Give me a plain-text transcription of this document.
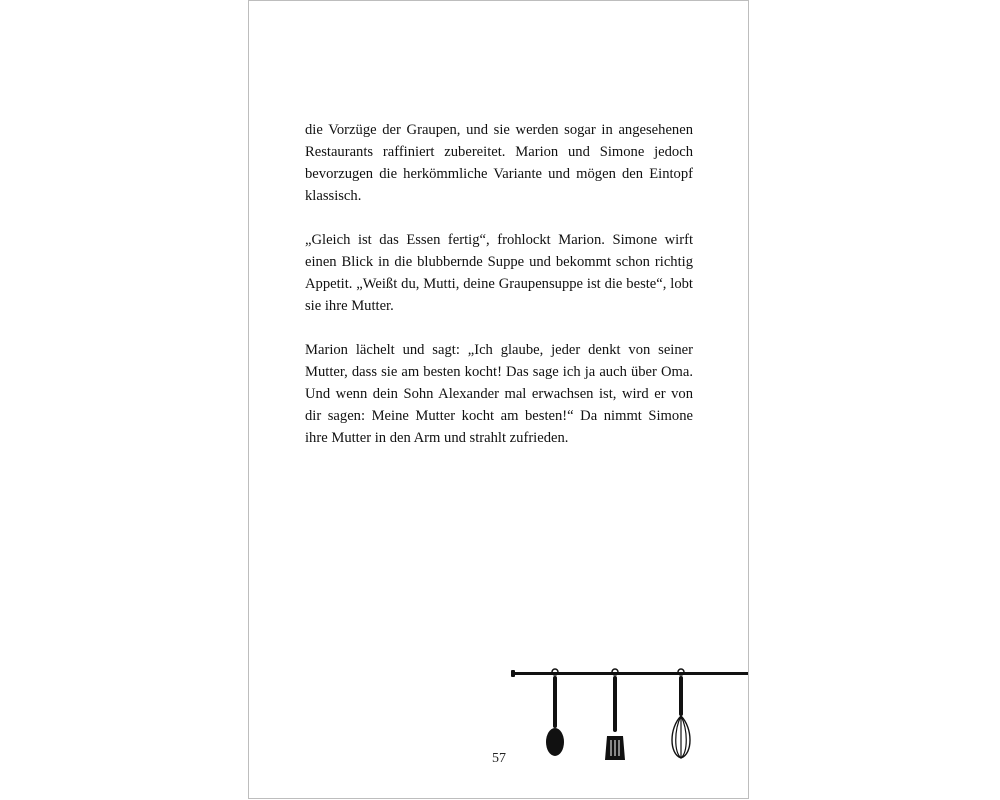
die Vorzüge der Graupen, und sie werden sogar in angesehenen Restaurants raffiniert zubereitet. Marion und Simone jedoch bevorzugen die herkömmliche Variante und mögen den Eintopf klassisch.

„Gleich ist das Essen fertig“, frohlockt Marion. Simone wirft einen Blick in die blubbernde Suppe und bekommt schon richtig Appetit. „Weißt du, Mutti, deine Graupensuppe ist die beste“, lobt sie ihre Mutter.

Marion lächelt und sagt: „Ich glaube, jeder denkt von seiner Mutter, dass sie am besten kocht! Das sage ich ja auch über Oma. Und wenn dein Sohn Alexander mal erwachsen ist, wird er von dir sagen: Meine Mutter kocht am besten!“ Da nimmt Simone ihre Mutter in den Arm und strahlt zufrieden.

57
